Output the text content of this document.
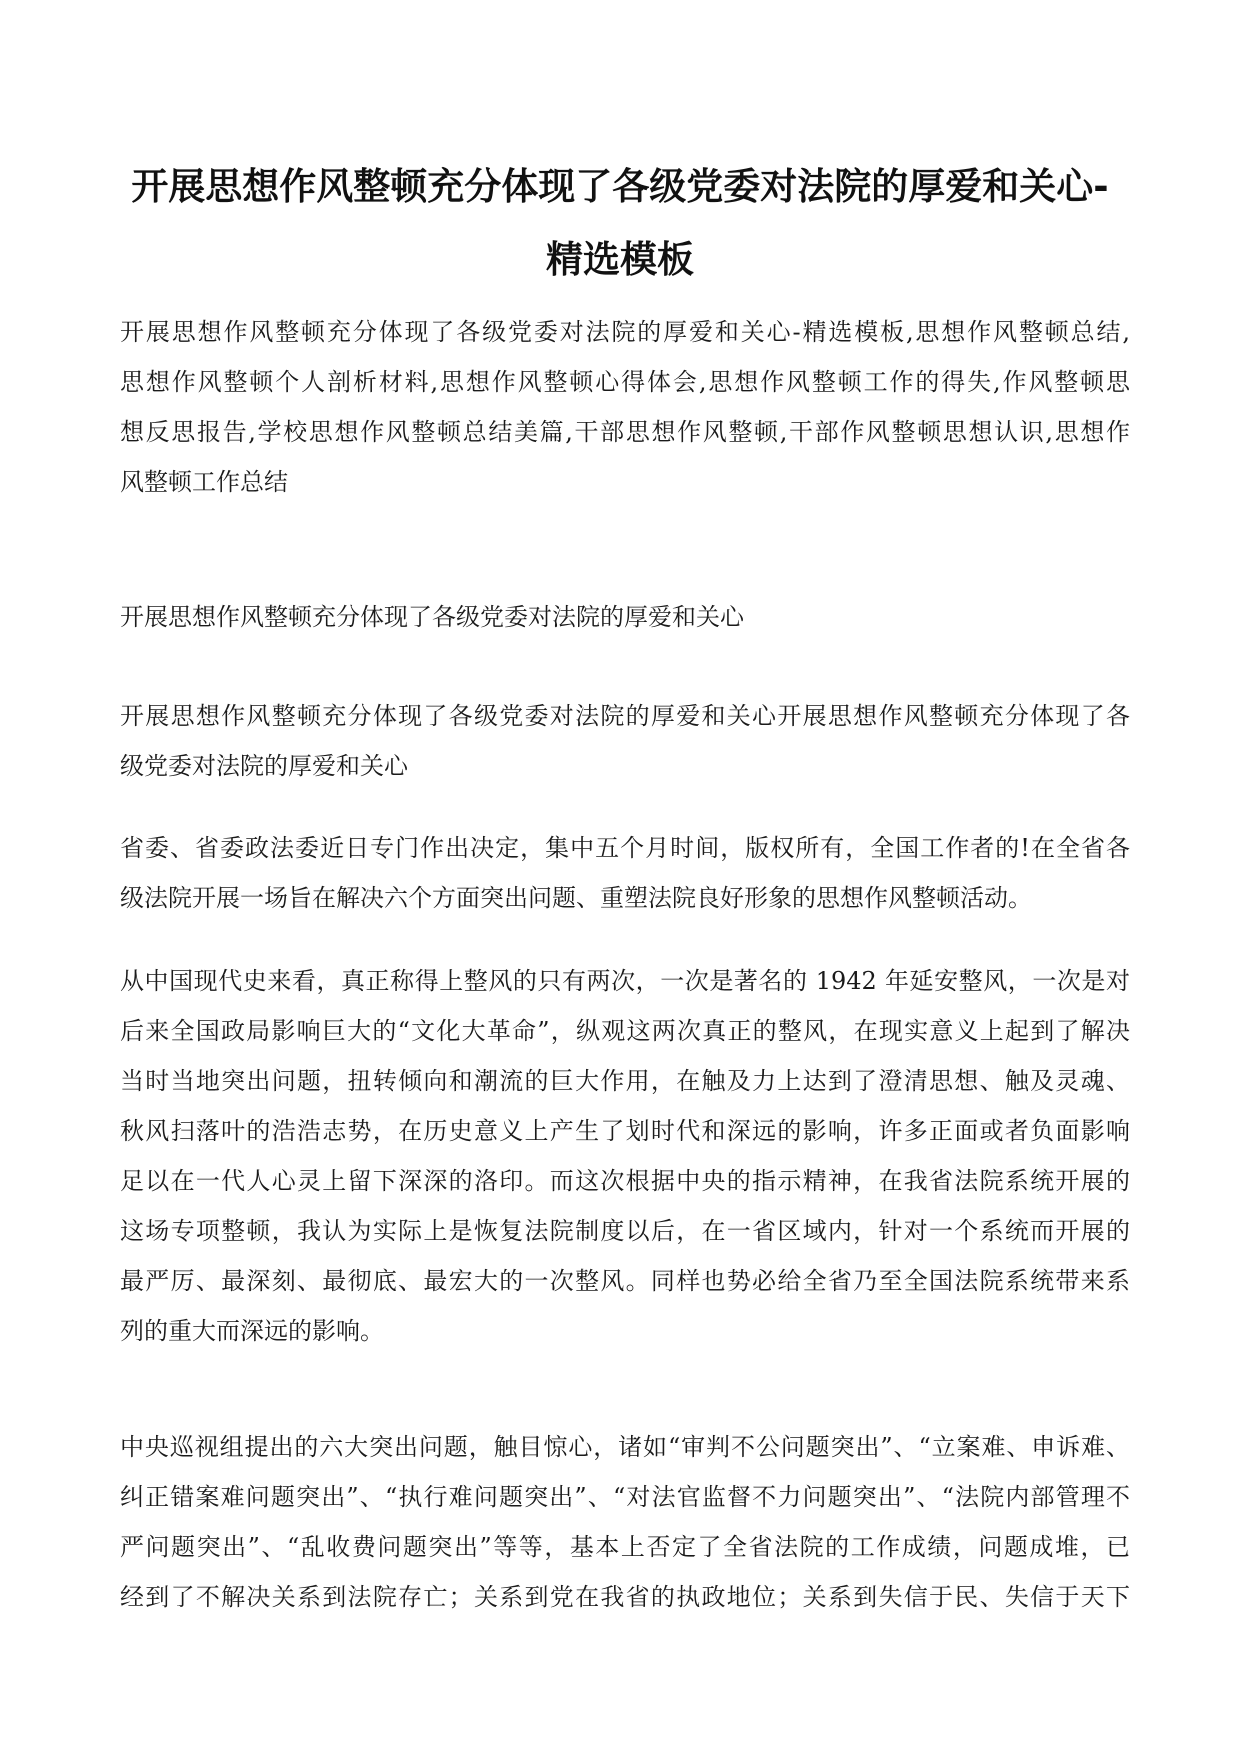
开展思想作风整顿充分体现了各级党委对法院的厚爱和关心-
精选模板

开展思想作风整顿充分体现了各级党委对法院的厚爱和关心-精选模板,思想作风整顿总结,
思想作风整顿个人剖析材料,思想作风整顿心得体会,思想作风整顿工作的得失,作风整顿思
想反思报告,学校思想作风整顿总结美篇,干部思想作风整顿,干部作风整顿思想认识,思想作
风整顿工作总结

开展思想作风整顿充分体现了各级党委对法院的厚爱和关心

开展思想作风整顿充分体现了各级党委对法院的厚爱和关心开展思想作风整顿充分体现了各
级党委对法院的厚爱和关心

省委、省委政法委近日专门作出决定，集中五个月时间，版权所有，全国工作者的!在全省各
级法院开展一场旨在解决六个方面突出问题、重塑法院良好形象的思想作风整顿活动。

从中国现代史来看，真正称得上整风的只有两次，一次是著名的 1942 年延安整风，一次是对
后来全国政局影响巨大的“文化大革命”，纵观这两次真正的整风，在现实意义上起到了解决
当时当地突出问题，扭转倾向和潮流的巨大作用，在触及力上达到了澄清思想、触及灵魂、
秋风扫落叶的浩浩志势，在历史意义上产生了划时代和深远的影响，许多正面或者负面影响
足以在一代人心灵上留下深深的洛印。而这次根据中央的指示精神，在我省法院系统开展的
这场专项整顿，我认为实际上是恢复法院制度以后，在一省区域内，针对一个系统而开展的
最严厉、最深刻、最彻底、最宏大的一次整风。同样也势必给全省乃至全国法院系统带来系
列的重大而深远的影响。

中央巡视组提出的六大突出问题，触目惊心，诸如“审判不公问题突出”、“立案难、申诉难、
纠正错案难问题突出”、“执行难问题突出”、“对法官监督不力问题突出”、“法院内部管理不
严问题突出”、“乱收费问题突出”等等，基本上否定了全省法院的工作成绩，问题成堆，已
经到了不解决关系到法院存亡；关系到党在我省的执政地位；关系到失信于民、失信于天下
